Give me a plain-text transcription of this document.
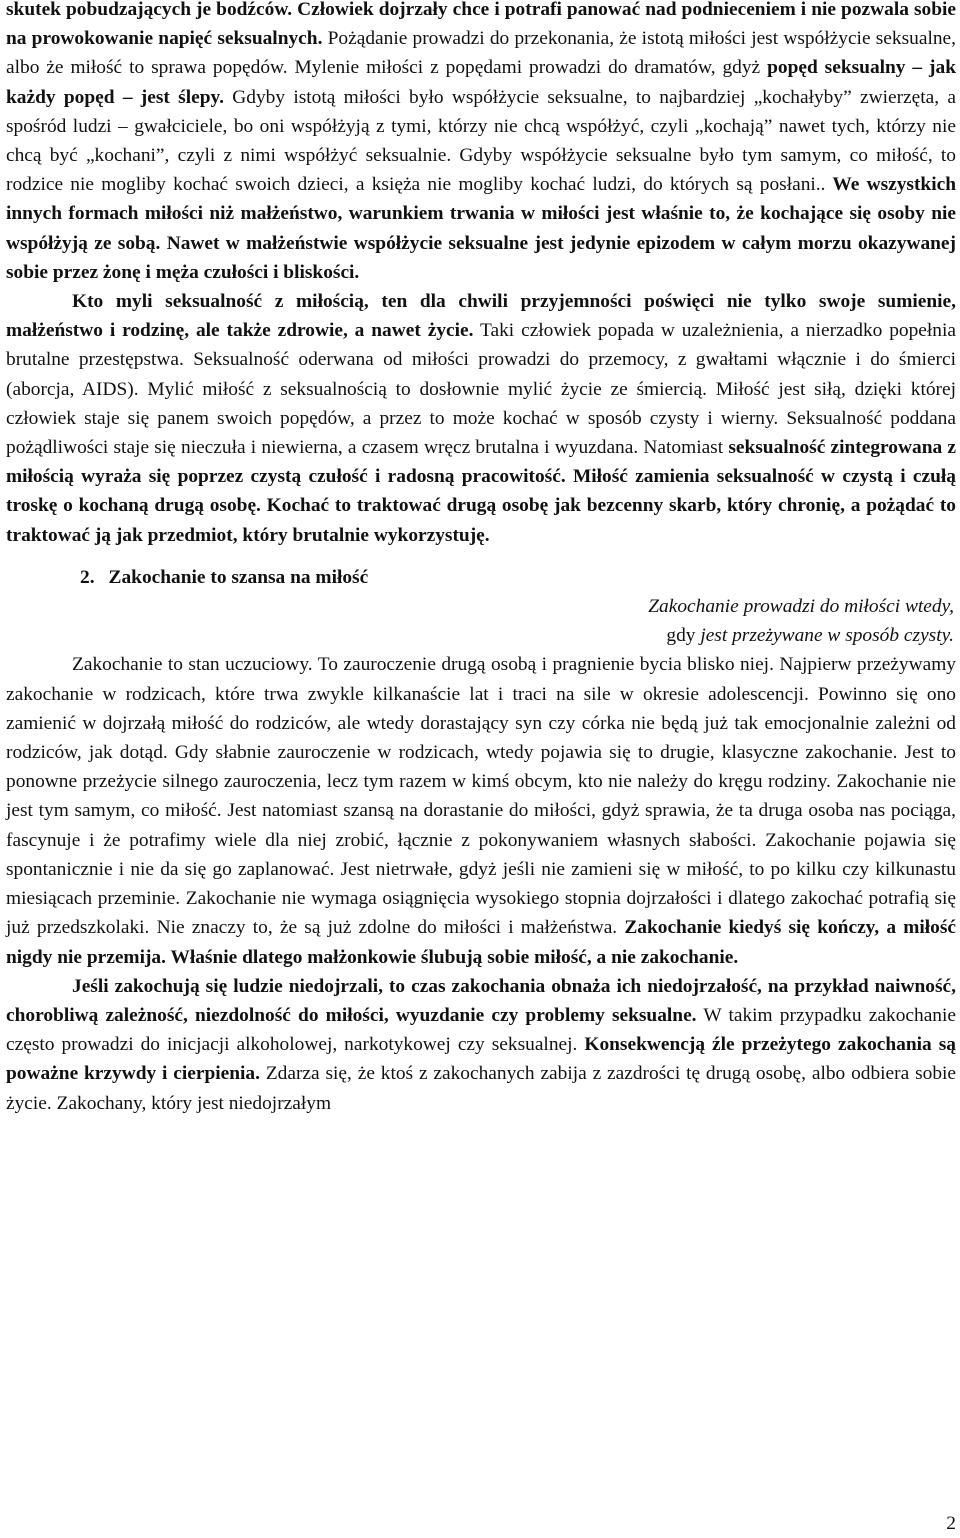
skutek pobudzających je bodźców. Człowiek dojrzały chce i potrafi panować nad podnieceniem i nie pozwala sobie na prowokowanie napięć seksualnych. Pożądanie prowadzi do przekonania, że istotą miłości jest współżycie seksualne, albo że miłość to sprawa popędów. Mylenie miłości z popędami prowadzi do dramatów, gdyż popęd seksualny – jak każdy popęd – jest ślepy. Gdyby istotą miłości było współżycie seksualne, to najbardziej „kochałyby” zwierzęta, a spośród ludzi – gwałciciele, bo oni współżyją z tymi, którzy nie chcą współżyć, czyli „kochają” nawet tych, którzy nie chcą być „kochani”, czyli z nimi współżyć seksualnie. Gdyby współżycie seksualne było tym samym, co miłość, to rodzice nie mogliby kochać swoich dzieci, a księża nie mogliby kochać ludzi, do których są posłani.. We wszystkich innych formach miłości niż małżeństwo, warunkiem trwania w miłości jest właśnie to, że kochające się osoby nie współżyją ze sobą. Nawet w małżeństwie współżycie seksualne jest jedynie epizodem w całym morzu okazywanej sobie przez żonę i męża czułości i bliskości.

Kto myli seksualność z miłością, ten dla chwili przyjemności poświęci nie tylko swoje sumienie, małżeństwo i rodzinę, ale także zdrowie, a nawet życie. Taki człowiek popada w uzależnienia, a nierzadko popełnia brutalne przestępstwa. Seksualność oderwana od miłości prowadzi do przemocy, z gwałtami włącznie i do śmierci (aborcja, AIDS). Mylić miłość z seksualnością to dosłownie mylić życie ze śmiercią. Miłość jest siłą, dzięki której człowiek staje się panem swoich popędów, a przez to może kochać w sposób czysty i wierny. Seksualność poddana pożądliwości staje się nieczuła i niewierna, a czasem wręcz brutalna i wyuzdana. Natomiast seksualność zintegrowana z miłością wyraża się poprzez czystą czułość i radosną pracowitość. Miłość zamienia seksualność w czystą i czułą troskę o kochaną drugą osobę. Kochać to traktować drugą osobę jak bezcenny skarb, który chronię, a pożądać to traktować ją jak przedmiot, który brutalnie wykorzystuję.

2. Zakochanie to szansa na miłość

Zakochanie prowadzi do miłości wtedy,
gdy jest przeżywane w sposób czysty.

Zakochanie to stan uczuciowy. To zauroczenie drugą osobą i pragnienie bycia blisko niej. Najpierw przeżywamy zakochanie w rodzicach, które trwa zwykle kilkanaście lat i traci na sile w okresie adolescencji. Powinno się ono zamienić w dojrzałą miłość do rodziców, ale wtedy dorastający syn czy córka nie będą już tak emocjonalnie zależni od rodziców, jak dotąd. Gdy słabnie zauroczenie w rodzicach, wtedy pojawia się to drugie, klasyczne zakochanie. Jest to ponowne przeżycie silnego zauroczenia, lecz tym razem w kimś obcym, kto nie należy do kręgu rodziny. Zakochanie nie jest tym samym, co miłość. Jest natomiast szansą na dorastanie do miłości, gdyż sprawia, że ta druga osoba nas pociąga, fascynuje i że potrafimy wiele dla niej zrobić, łącznie z pokonywaniem własnych słabości. Zakochanie pojawia się spontanicznie i nie da się go zaplanować. Jest nietrwałe, gdyż jeśli nie zamieni się w miłość, to po kilku czy kilkunastu miesiącach przeminie. Zakochanie nie wymaga osiągnięcia wysokiego stopnia dojrzałości i dlatego zakochać potrafią się już przedszkolaki. Nie znaczy to, że są już zdolne do miłości i małżeństwa. Zakochanie kiedyś się kończy, a miłość nigdy nie przemija. Właśnie dlatego małżonkowie ślubują sobie miłość, a nie zakochanie.

Jeśli zakochują się ludzie niedojrzali, to czas zakochania obnaża ich niedojrzałość, na przykład naiwność, chorobliwą zależność, niezdolność do miłości, wyuzdanie czy problemy seksualne. W takim przypadku zakochanie często prowadzi do inicjacji alkoholowej, narkotykowej czy seksualnej. Konsekwencją źle przeżytego zakochania są poważne krzywdy i cierpienia. Zdarza się, że ktoś z zakochanych zabija z zazdrości tę drugą osobę, albo odbiera sobie życie. Zakochany, który jest niedojrzałym

2
